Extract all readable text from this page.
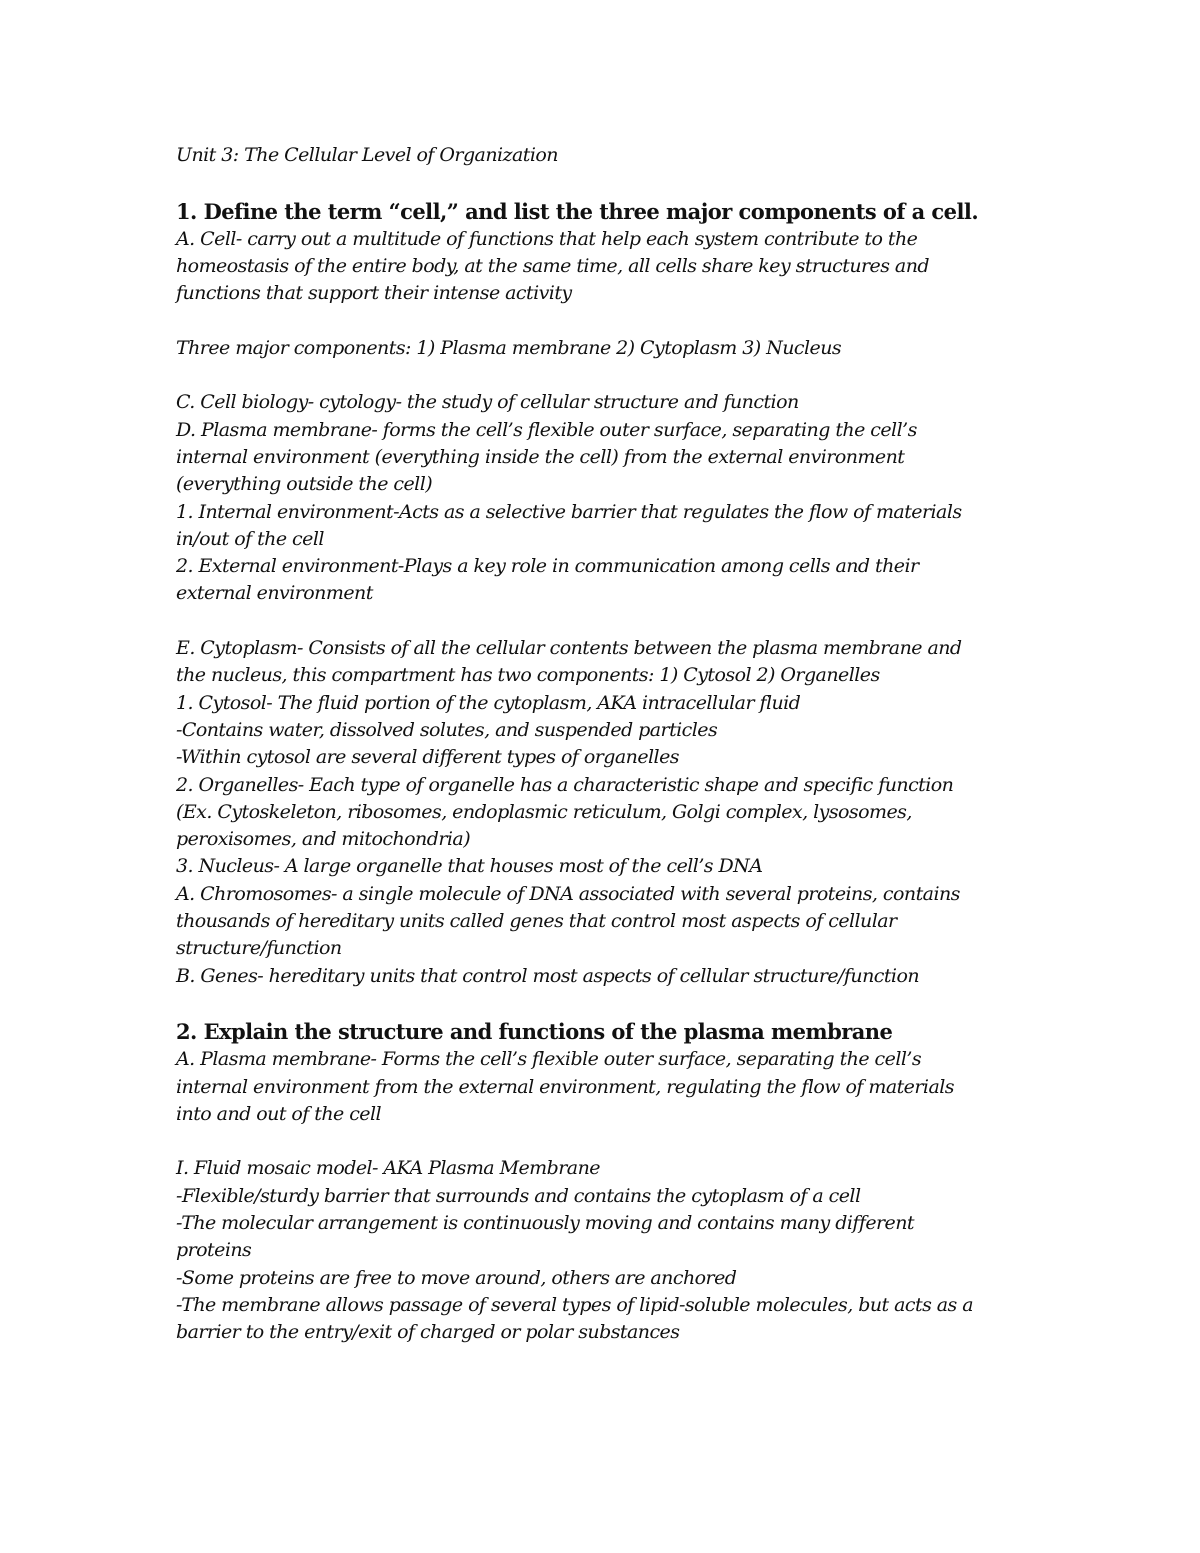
Unit 3: The Cellular Level of Organization
1. Define the term “cell,” and list the three major components of a cell.
A. Cell- carry out a multitude of functions that help each system contribute to the
homeostasis of the entire body, at the same time, all cells share key structures and
functions that support their intense activity
Three major components: 1) Plasma membrane 2) Cytoplasm 3) Nucleus
C. Cell biology- cytology- the study of cellular structure and function
D. Plasma membrane- forms the cell’s flexible outer surface, separating the cell’s
internal environment (everything inside the cell) from the external environment
(everything outside the cell)
1. Internal environment-Acts as a selective barrier that regulates the flow of materials
in/out of the cell
2. External environment-Plays a key role in communication among cells and their
external environment
E. Cytoplasm- Consists of all the cellular contents between the plasma membrane and
the nucleus, this compartment has two components: 1) Cytosol 2) Organelles
1. Cytosol- The fluid portion of the cytoplasm, AKA intracellular fluid
-Contains water, dissolved solutes, and suspended particles
-Within cytosol are several different types of organelles
2. Organelles- Each type of organelle has a characteristic shape and specific function
(Ex. Cytoskeleton, ribosomes, endoplasmic reticulum, Golgi complex, lysosomes,
peroxisomes, and mitochondria)
3. Nucleus- A large organelle that houses most of the cell’s DNA
A. Chromosomes- a single molecule of DNA associated with several proteins, contains
thousands of hereditary units called genes that control most aspects of cellular
structure/function
B. Genes- hereditary units that control most aspects of cellular structure/function
2. Explain the structure and functions of the plasma membrane
A. Plasma membrane- Forms the cell’s flexible outer surface, separating the cell’s
internal environment from the external environment, regulating the flow of materials
into and out of the cell
I. Fluid mosaic model- AKA Plasma Membrane
-Flexible/sturdy barrier that surrounds and contains the cytoplasm of a cell
-The molecular arrangement is continuously moving and contains many different
proteins
-Some proteins are free to move around, others are anchored
-The membrane allows passage of several types of lipid-soluble molecules, but acts as a
barrier to the entry/exit of charged or polar substances
